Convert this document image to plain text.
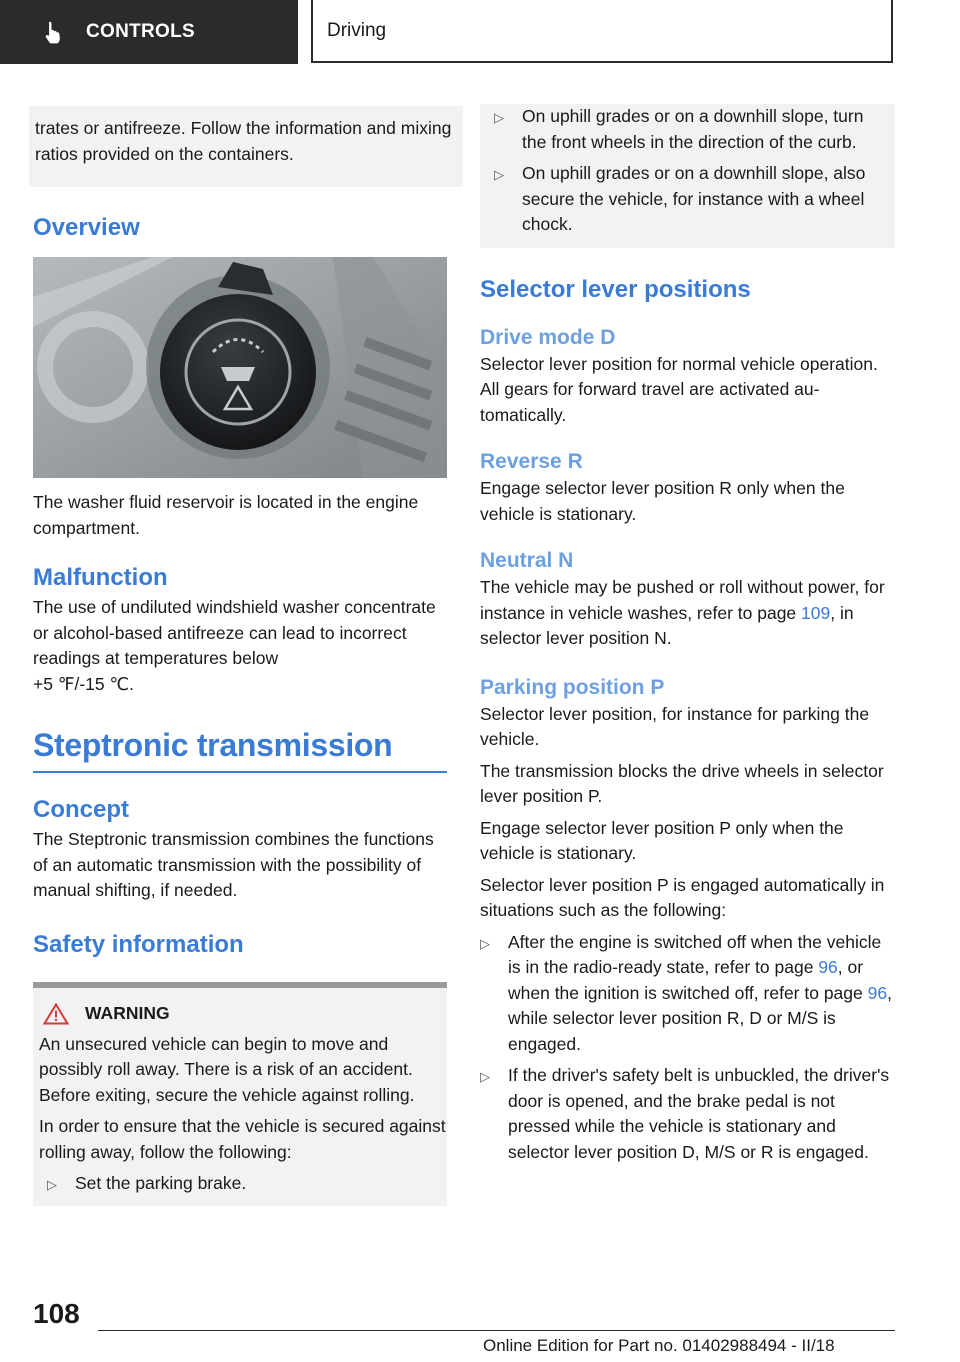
CONTROLS	Driving

trates or antifreeze. Follow the information and mixing ratios provided on the containers.

Overview

The washer fluid reservoir is located in the engine compartment.

Malfunction

The use of undiluted windshield washer concentrate or alcohol-based antifreeze can lead to incorrect readings at temperatures below

+5 ℉/-15 ℃.

Steptronic transmission
Concept

The Steptronic transmission combines the functions of an automatic transmission with the possibility of manual shifting, if needed.

Safety information
WARNING

An unsecured vehicle can begin to move and possibly roll away. There is a risk of an accident. Before exiting, secure the vehicle against rolling.

In order to ensure that the vehicle is secured against rolling away, follow the following:

▷	Set the parking brake.
▷	On uphill grades or on a downhill slope, turn the front wheels in the direction of the curb.
▷	On uphill grades or on a downhill slope, also secure the vehicle, for instance with a wheel chock.
Selector lever positions
Drive mode D

Selector lever position for normal vehicle operation. All gears for forward travel are activated automatically.

Reverse R

Engage selector lever position R only when the vehicle is stationary.

Neutral N

The vehicle may be pushed or roll without power, for instance in vehicle washes, refer to page 109, in selector lever position N.

Parking position P

Selector lever position, for instance for parking the vehicle.

The transmission blocks the drive wheels in selector lever position P.

Engage selector lever position P only when the vehicle is stationary.

Selector lever position P is engaged automatically in situations such as the following:

▷	After the engine is switched off when the vehicle is in the radio-ready state, refer to page 96, or when the ignition is switched off, refer to page 96, while selector lever position R, D or M/S is engaged.
▷	If the driver's safety belt is unbuckled, the driver's door is opened, and the brake pedal is not pressed while the vehicle is stationary and selector lever position D, M/S or R is engaged.
108
Online Edition for Part no. 01402988494 - II/18
